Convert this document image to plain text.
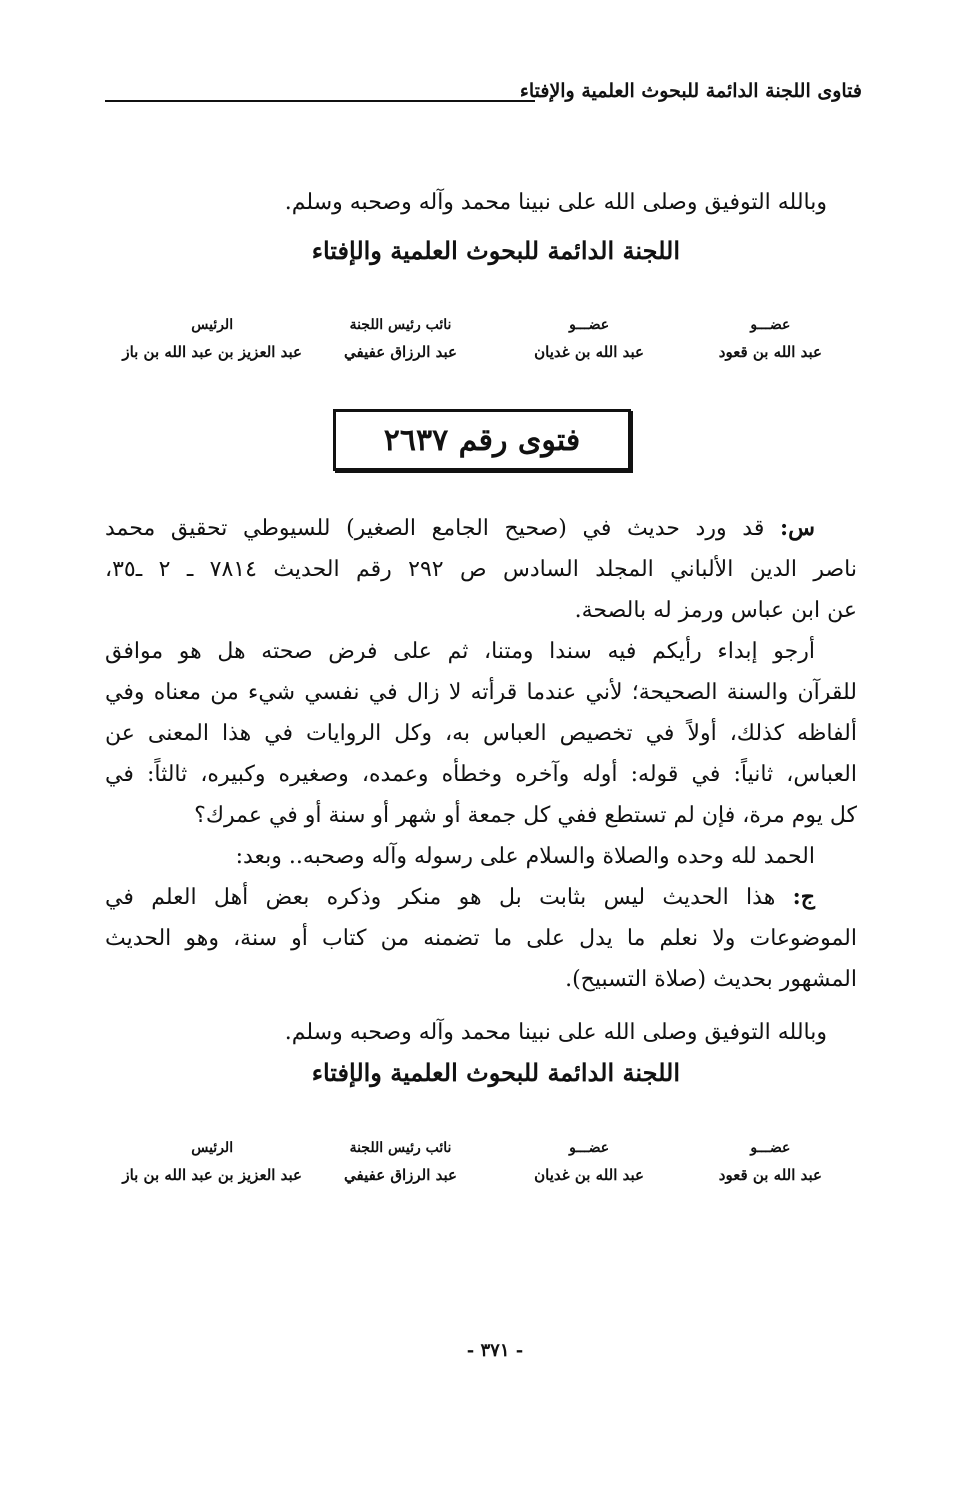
فتاوى اللجنة الدائمة للبحوث العلمية والإفتاء
وبالله التوفيق وصلى الله على نبينا محمد وآله وصحبه وسلم.
اللجنة الدائمة للبحوث العلمية والإفتاء
عضـــو
عبد الله بن قعود
عضـــو
عبد الله بن غديان
نائب رئيس اللجنة
عبد الرزاق عفيفي
الرئيس
عبد العزيز بن عبد الله بن باز
فتوى رقم ٢٦٣٧
س: قد ورد حديث في (صحيح الجامع الصغير) للسيوطي تحقيق محمد
ناصر الدين الألباني المجلد السادس ص ٢٩٢ رقم الحديث ٧٨١٤ ـ ٢ ـ٣٥،
عن ابن عباس ورمز له بالصحة.
أرجو إبداء رأيكم فيه سندا ومتنا، ثم على فرض صحته هل هو موافق
للقرآن والسنة الصحيحة؛ لأني عندما قرأته لا زال في نفسي شيء من معناه وفي
ألفاظه كذلك، أولاً في تخصيص العباس به، وكل الروايات في هذا المعنى عن
العباس، ثانياً: في قوله: أوله وآخره وخطأه وعمده، وصغيره وكبيره، ثالثاً: في
كل يوم مرة، فإن لم تستطع ففي كل جمعة أو شهر أو سنة أو في عمرك؟
الحمد لله وحده والصلاة والسلام على رسوله وآله وصحبه.. وبعد:
ج: هذا الحديث ليس بثابت بل هو منكر وذكره بعض أهل العلم في
الموضوعات ولا نعلم ما يدل على ما تضمنه من كتاب أو سنة، وهو الحديث
المشهور بحديث (صلاة التسبيح).
وبالله التوفيق وصلى الله على نبينا محمد وآله وصحبه وسلم.
اللجنة الدائمة للبحوث العلمية والإفتاء
عضـــو
عبد الله بن قعود
عضـــو
عبد الله بن غديان
نائب رئيس اللجنة
عبد الرزاق عفيفي
الرئيس
عبد العزيز بن عبد الله بن باز
- ٣٧١ -
